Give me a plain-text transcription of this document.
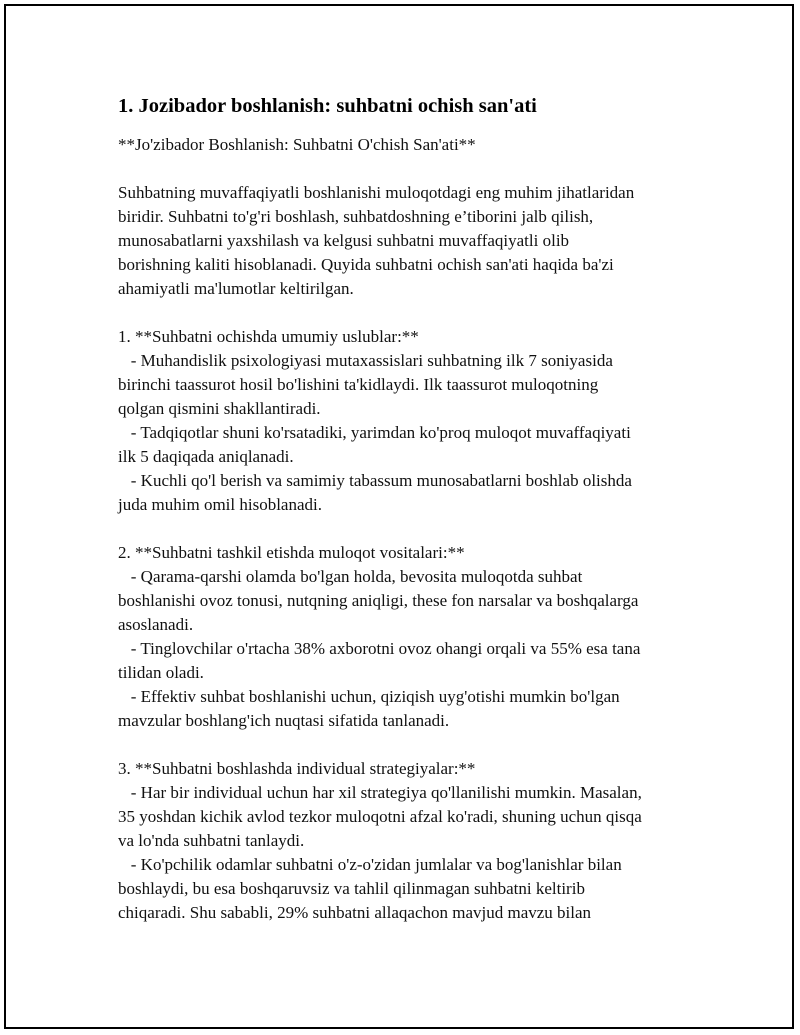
1. Jozibador boshlanish: suhbatni ochish san'ati
**Jo'zibador Boshlanish: Suhbatni O'chish San'ati**

Suhbatning muvaffaqiyatli boshlanishi muloqotdagi eng muhim jihatlaridan
biridir. Suhbatni to'g'ri boshlash, suhbatdoshning e’tiborini jalb qilish,
munosabatlarni yaxshilash va kelgusi suhbatni muvaffaqiyatli olib
borishning kaliti hisoblanadi. Quyida suhbatni ochish san'ati haqida ba'zi
ahamiyatli ma'lumotlar keltirilgan.

1. **Suhbatni ochishda umumiy uslublar:**
- Muhandislik psixologiyasi mutaxassislari suhbatning ilk 7 soniyasida
birinchi taassurot hosil bo'lishini ta'kidlaydi. Ilk taassurot muloqotning
qolgan qismini shakllantiradi.
- Tadqiqotlar shuni ko'rsatadiki, yarimdan ko'proq muloqot muvaffaqiyati
ilk 5 daqiqada aniqlanadi.
- Kuchli qo'l berish va samimiy tabassum munosabatlarni boshlab olishda
juda muhim omil hisoblanadi.

2. **Suhbatni tashkil etishda muloqot vositalari:**
- Qarama-qarshi olamda bo'lgan holda, bevosita muloqotda suhbat
boshlanishi ovoz tonusi, nutqning aniqligi, these fon narsalar va boshqalarga
asoslanadi.
- Tinglovchilar o'rtacha 38% axborotni ovoz ohangi orqali va 55% esa tana
tilidan oladi.
- Effektiv suhbat boshlanishi uchun, qiziqish uyg'otishi mumkin bo'lgan
mavzular boshlang'ich nuqtasi sifatida tanlanadi.

3. **Suhbatni boshlashda individual strategiyalar:**
- Har bir individual uchun har xil strategiya qo'llanilishi mumkin. Masalan,
35 yoshdan kichik avlod tezkor muloqotni afzal ko'radi, shuning uchun qisqa
va lo'nda suhbatni tanlaydi.
- Ko'pchilik odamlar suhbatni o'z-o'zidan jumlalar va bog'lanishlar bilan
boshlaydi, bu esa boshqaruvsiz va tahlil qilinmagan suhbatni keltirib
chiqaradi. Shu sababli, 29% suhbatni allaqachon mavjud mavzu bilan
